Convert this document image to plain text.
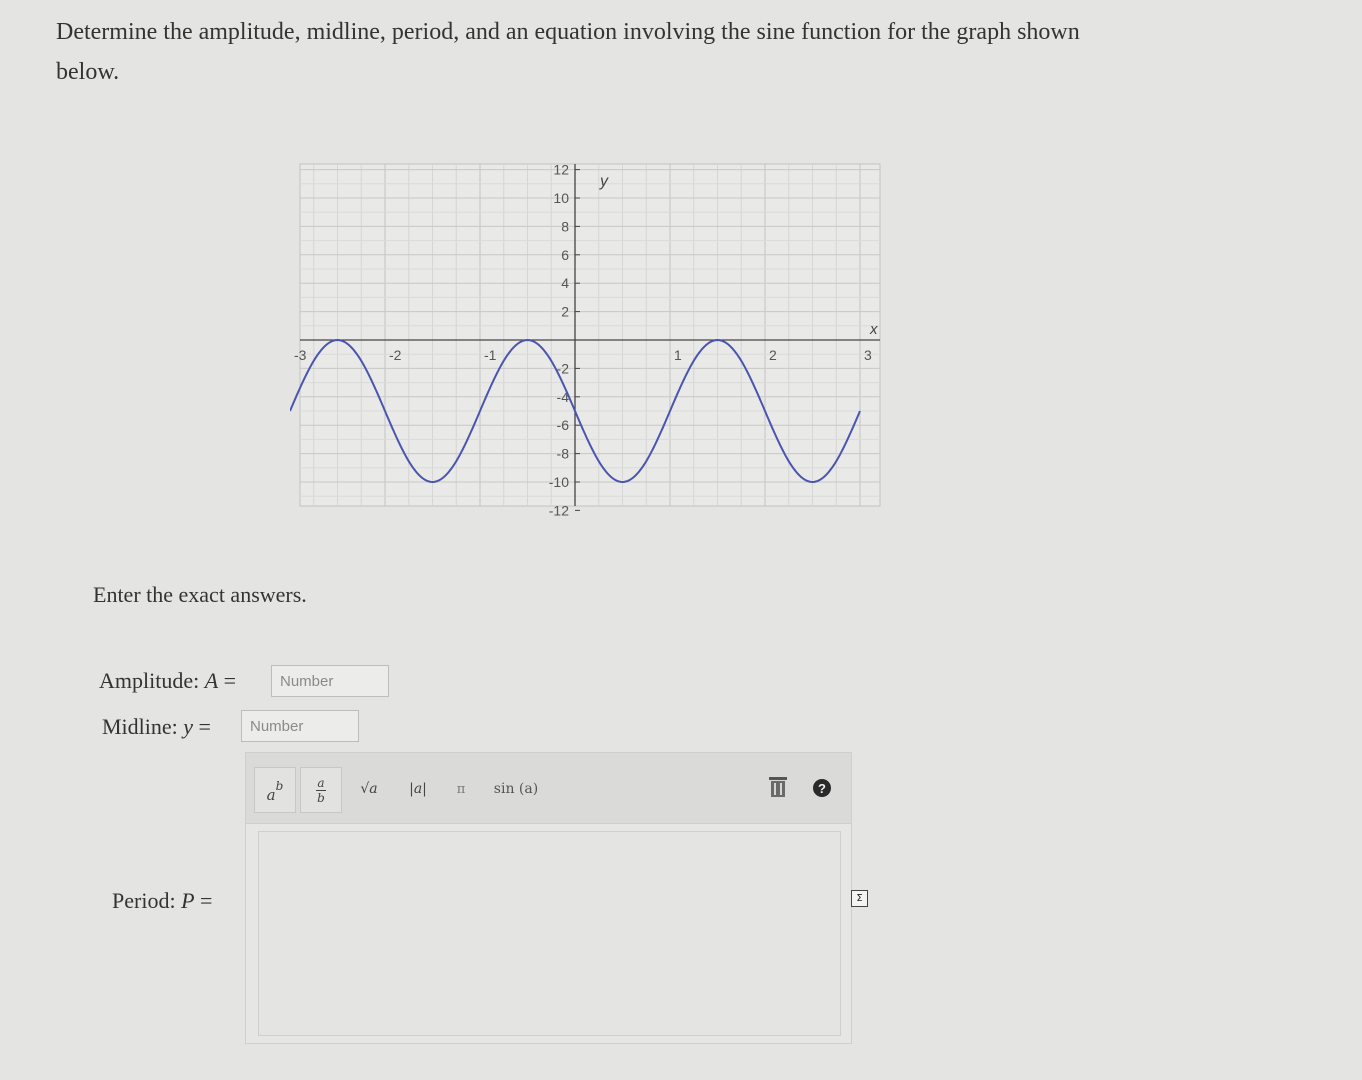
Determine the amplitude, midline, period, and an equation involving the sine function for the graph shown below.
-3	-2	-1	1	2	3
12
10
8
6
4
2
-2
-4
-6
-8
-10
-12
x
y
Enter the exact answers.
Amplitude: A =
Number
Midline: y =
Number
Period: P =
$a^b$	a
b
√a |a| π sin (a)	?
Σ
